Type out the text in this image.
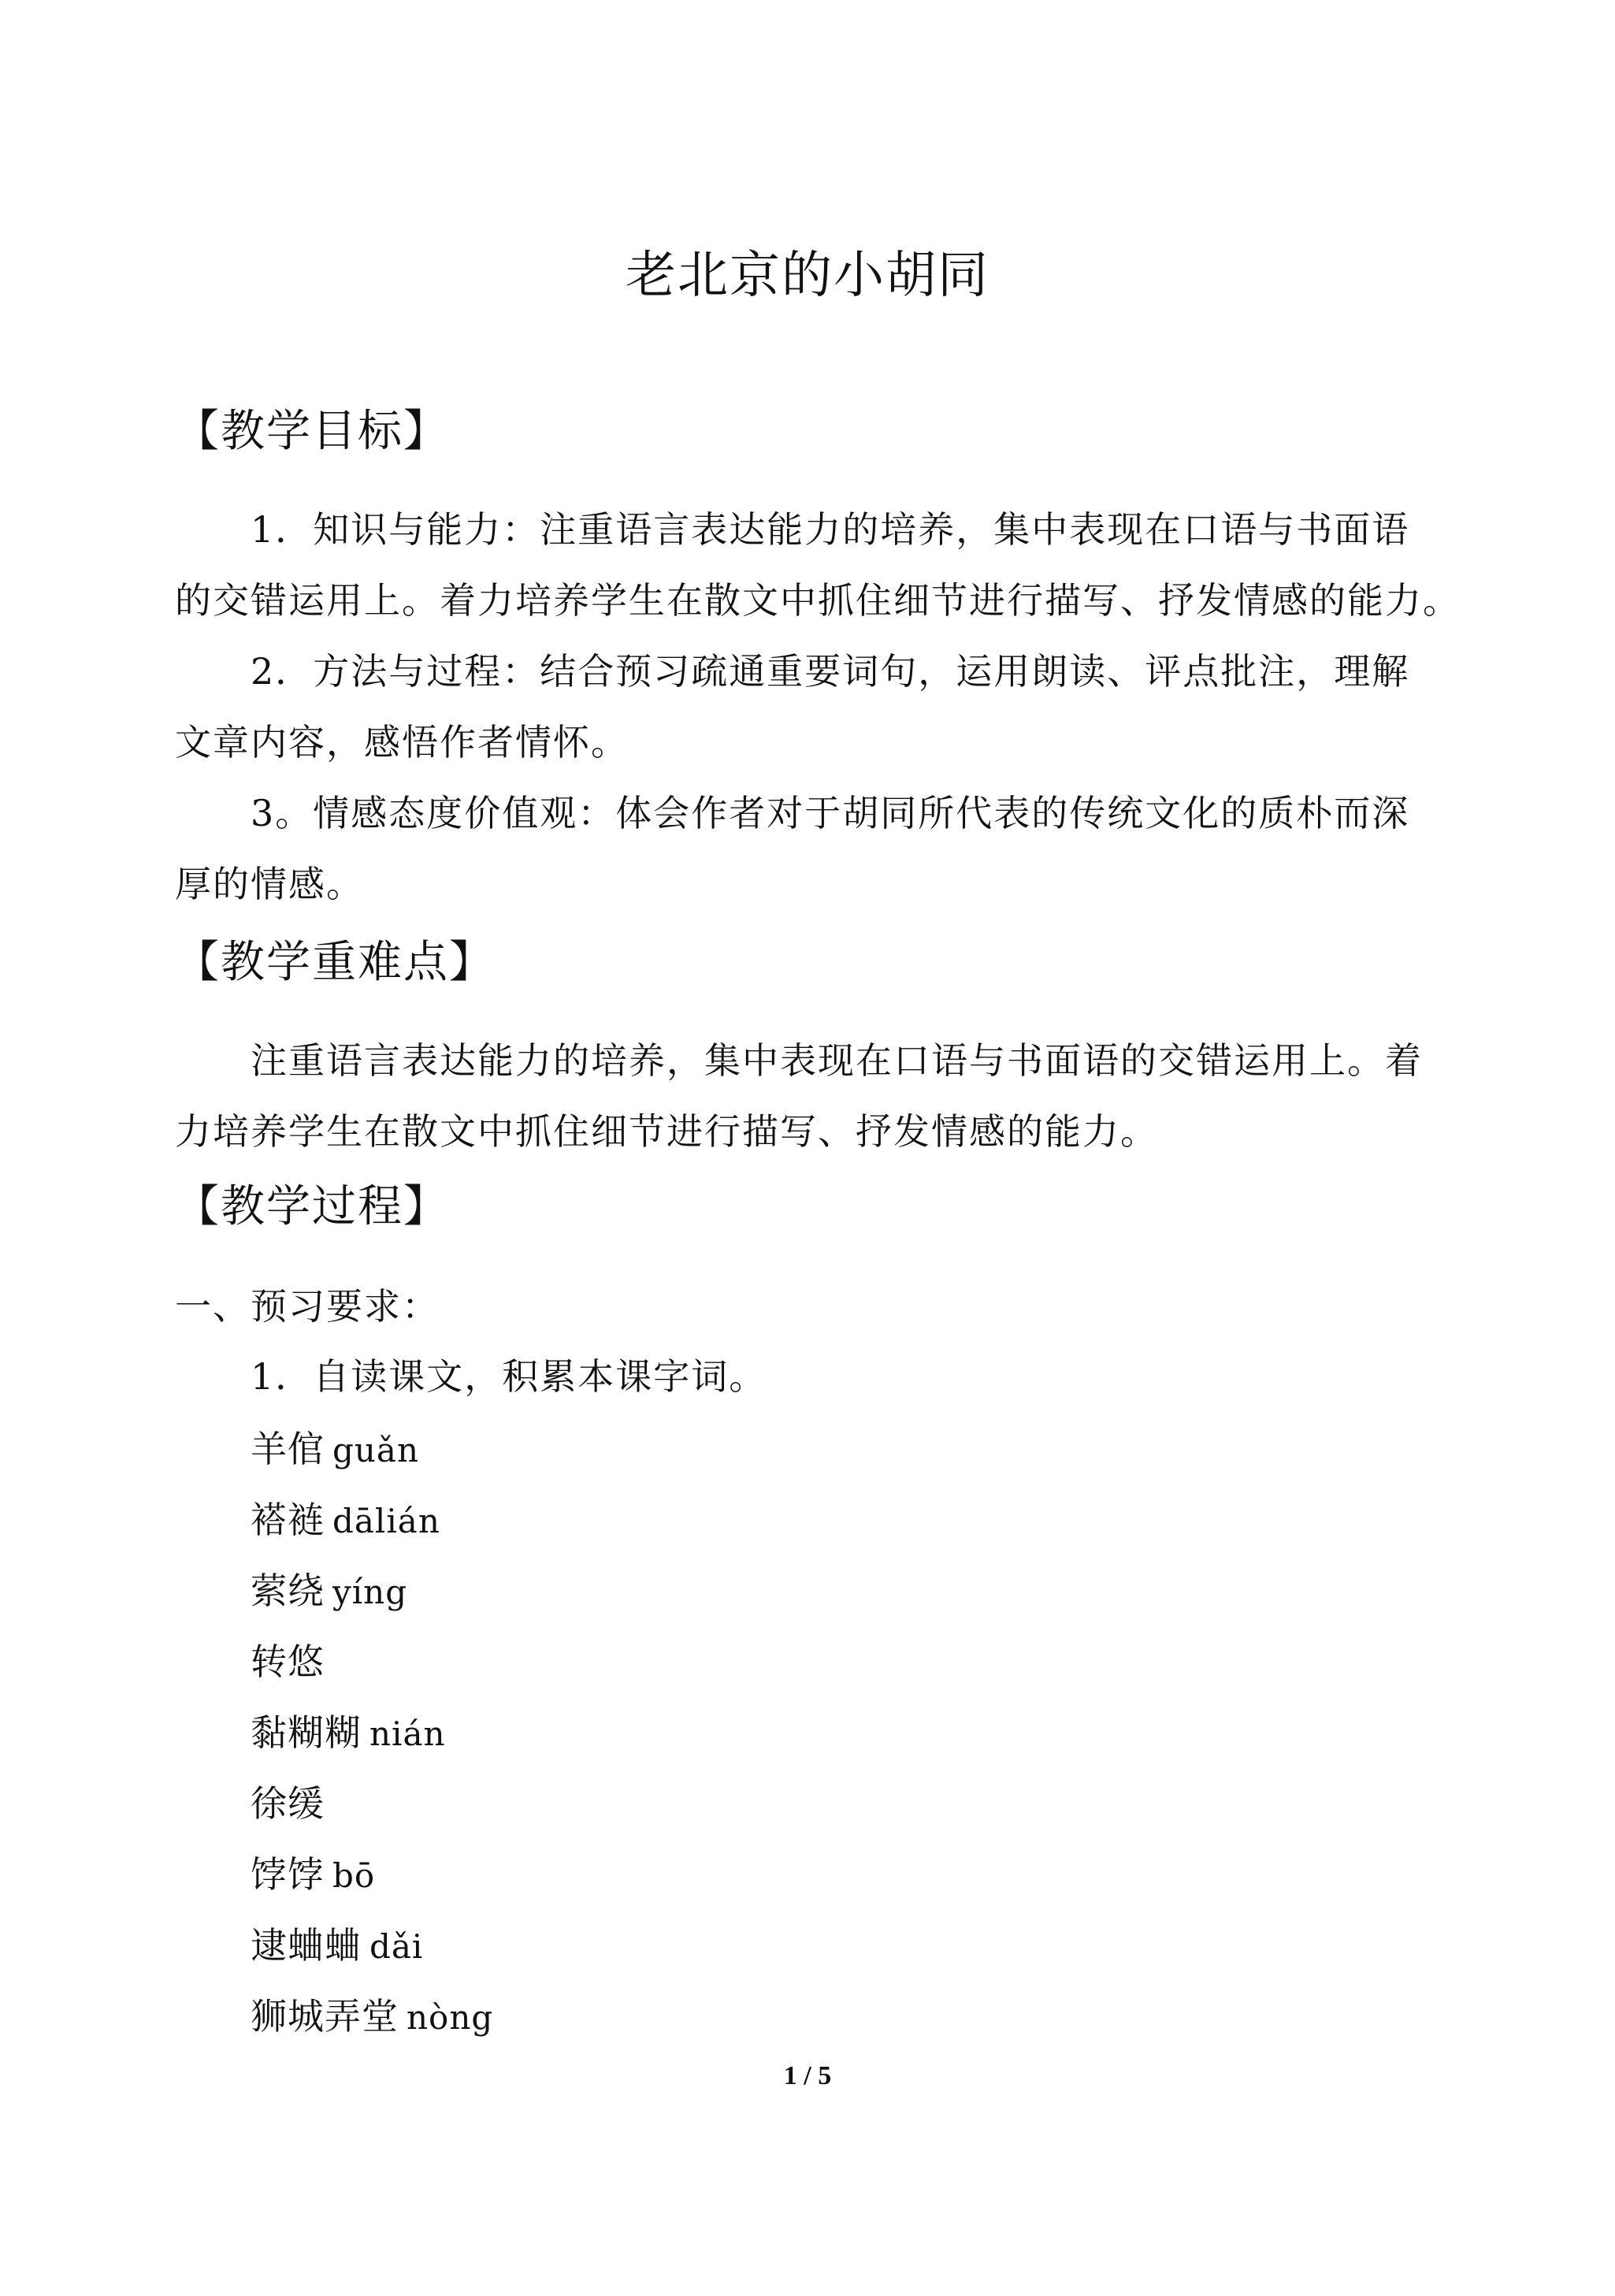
老北京的小胡同
【教学目标】
1．知识与能力：注重语言表达能力的培养，集中表现在口语与书面语
的交错运用上。着力培养学生在散文中抓住细节进行描写、抒发情感的能力。
2．方法与过程：结合预习疏通重要词句，运用朗读、评点批注，理解
文章内容，感悟作者情怀。
3。情感态度价值观：体会作者对于胡同所代表的传统文化的质朴而深
厚的情感。
【教学重难点】
注重语言表达能力的培养，集中表现在口语与书面语的交错运用上。着
力培养学生在散文中抓住细节进行描写、抒发情感的能力。
【教学过程】
一、预习要求：
1．自读课文，积累本课字词。
羊倌 guǎn
褡裢 dālián
萦绕 yíng
转悠
黏糊糊 nián
徐缓
饽饽 bō
逮蛐蛐 dǎi
狮城弄堂 nòng
1 / 5
